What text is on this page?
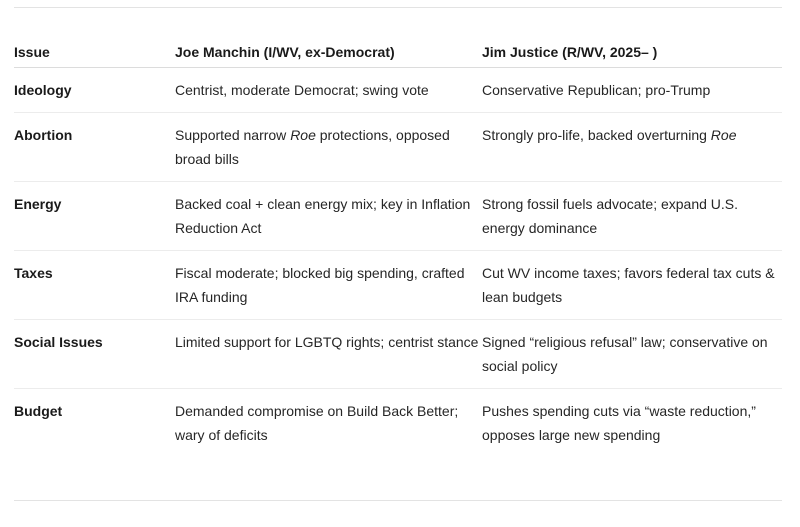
Issue	Joe Manchin (I/WV, ex-Democrat)	Jim Justice (R/WV, 2025– )
Ideology	Centrist, moderate Democrat; swing vote	Conservative Republican; pro-Trump
Abortion	Supported narrow Roe protections, opposed broad bills	Strongly pro-life, backed overturning Roe
Energy	Backed coal + clean energy mix; key in Inflation Reduction Act	Strong fossil fuels advocate; expand U.S. energy dominance
Taxes	Fiscal moderate; blocked big spending, crafted IRA funding	Cut WV income taxes; favors federal tax cuts & lean budgets
Social Issues	Limited support for LGBTQ rights; centrist stance	Signed “religious refusal” law; conservative on social policy
Budget	Demanded compromise on Build Back Better; wary of deficits	Pushes spending cuts via “waste reduction,” opposes large new spending
